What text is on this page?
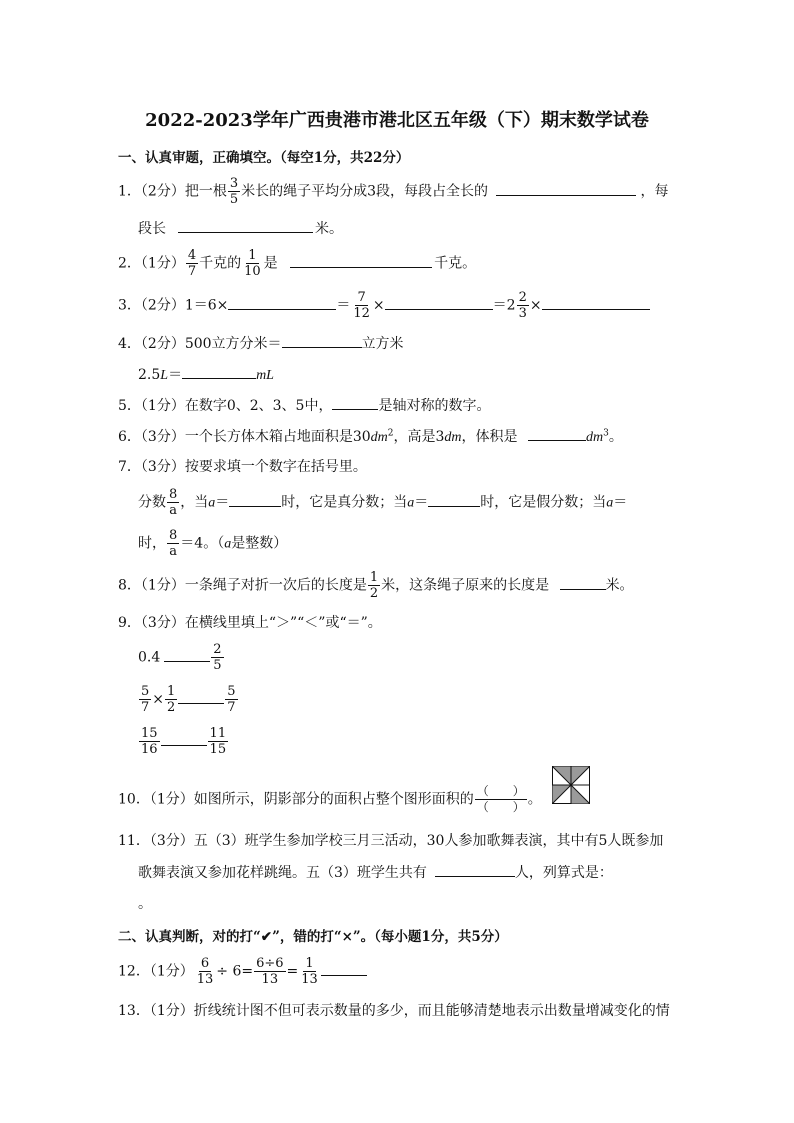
2022-2023学年广西贵港市港北区五年级（下）期末数学试卷
一、认真审题，正确填空。（每空1分，共22分）
1．（2分）把一根 $\frac{3}{5}$ 米长的绳子平均分成3段，每段占全长的	，每
段长	米。
2．（1分） $\frac{4}{7}$ 千克的 $\frac{1}{10}$ 是	千克。
3．（2分）1＝6×	＝ $\frac{7}{12}$ ×	$=2 \frac{2}{3}$ ×
4．（2分）500立方分米＝	立方米
2.5L＝	mL
5．（1分）在数字0、2、3、5中，	是轴对称的数字。
6．（3分）一个长方体木箱占地面积是$30dm^2$，高是3dm，体积是	$dm^3$。
7．（3分）按要求填一个数字在括号里。
分数 $\frac{8}{a}$ ，当a＝	时，它是真分数；当a＝	时，它是假分数；当a＝
时， $\frac{8}{a} =4$。（a是整数）
8．（1分）一条绳子对折一次后的长度是 $\frac{1}{2}$ 米，这条绳子原来的长度是	米。
9．（3分）在横线里填上“＞”“＜”或“＝”。
0.4	$\frac{2}{5}$
$\frac{5}{7} \times \frac{1}{2}$	$\frac{5}{7}$
$\frac{15}{16}$	$\frac{11}{15}$
10．（1分）如图所示，阴影部分的面积占整个图形面积的 $\frac{( )}{( )}$ 。
11．（3分）五（3）班学生参加学校三月三活动，30人参加歌舞表演，其中有5人既参加
歌舞表演又参加花样跳绳。五（3）班学生共有	人，列算式是：
。
二、认真判断，对的打“✔”，错的打“×”。（每小题1分，共5分）
12．（1分） $\frac{6}{13} \div 6= \frac{6\div 6}{13} = \frac{1}{13}$
13．（1分）折线统计图不但可表示数量的多少，而且能够清楚地表示出数量增减变化的情
